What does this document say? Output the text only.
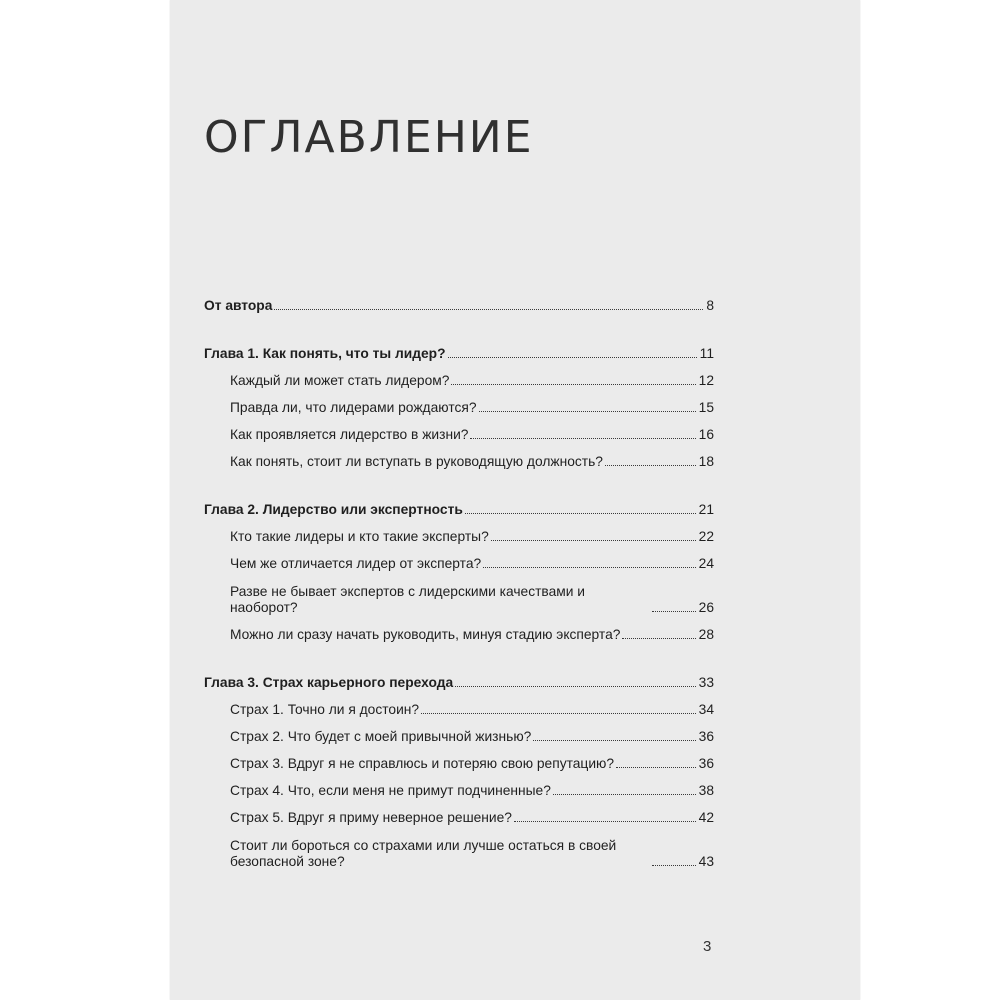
ОГЛАВЛЕНИЕ
От автора	8
Глава 1. Как понять, что ты лидер?	11
Каждый ли может стать лидером?	12
Правда ли, что лидерами рождаются?	15
Как проявляется лидерство в жизни?	16
Как понять, стоит ли вступать в руководящую должность?	18
Глава 2. Лидерство или экспертность	21
Кто такие лидеры и кто такие эксперты?	22
Чем же отличается лидер от эксперта?	24
Разве не бывает экспертов с лидерскими качествами и наоборот?	26
Можно ли сразу начать руководить, минуя стадию эксперта?	28
Глава 3. Страх карьерного перехода	33
Страх 1. Точно ли я достоин?	34
Страх 2. Что будет с моей привычной жизнью?	36
Страх 3. Вдруг я не справлюсь и потеряю свою репутацию?	36
Страх 4. Что, если меня не примут подчиненные?	38
Страх 5. Вдруг я приму неверное решение?	42
Стоит ли бороться со страхами или лучше остаться в своей безопасной зоне?	43
3
